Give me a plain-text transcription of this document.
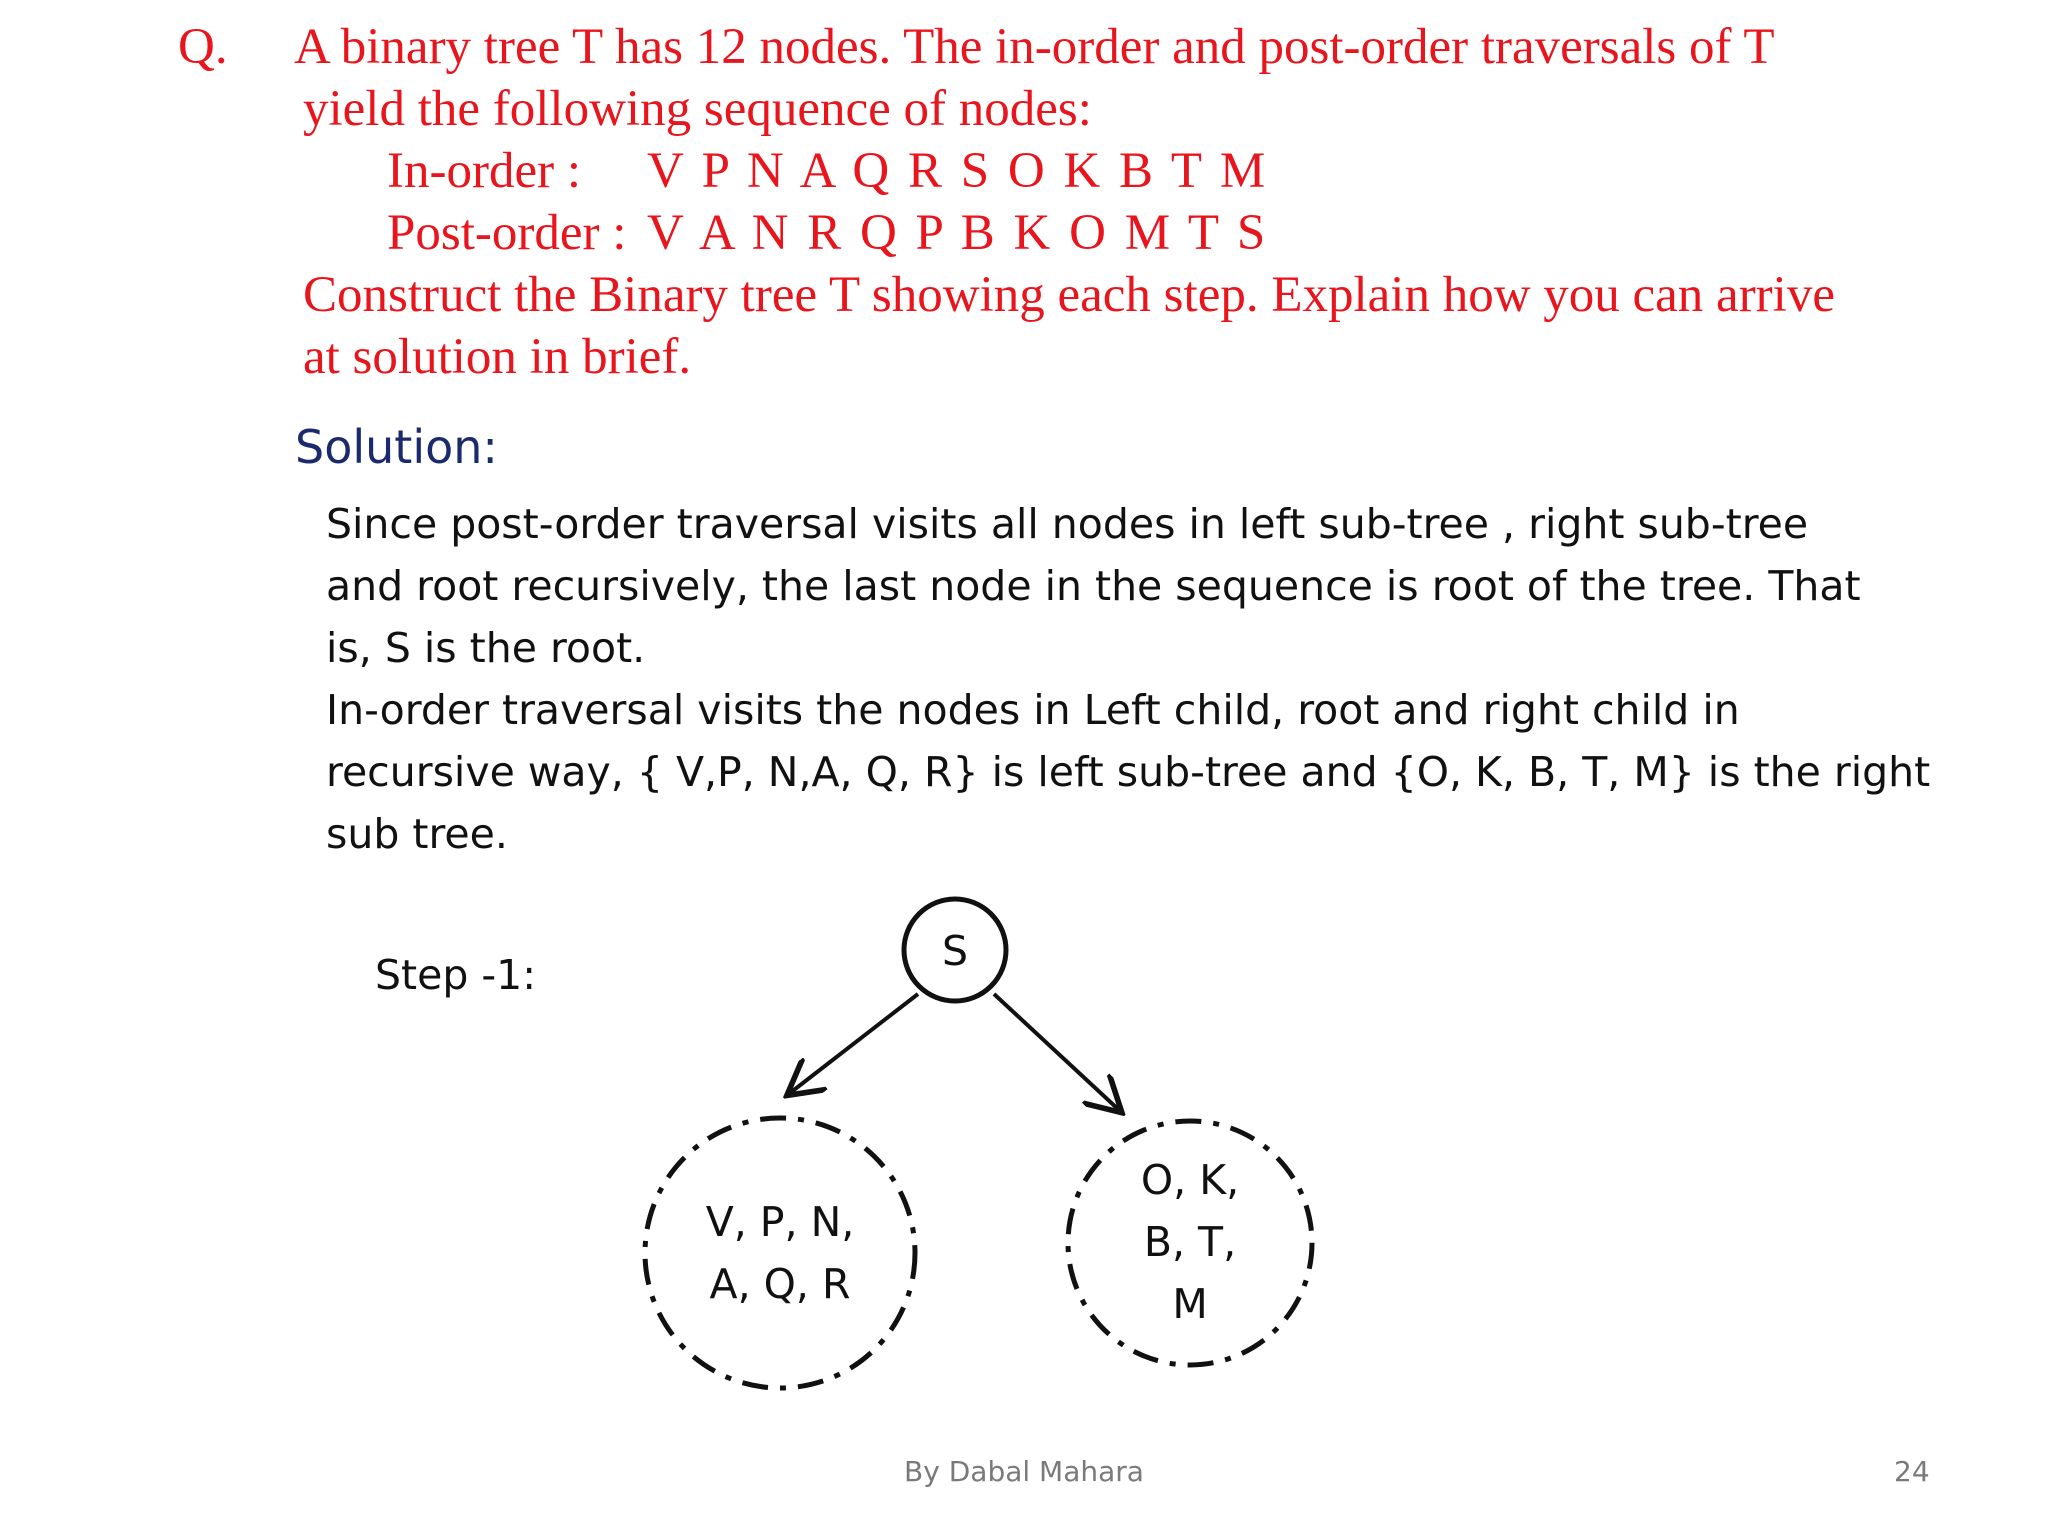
Q. A binary tree T has 12 nodes. The in-order and post-order traversals of T
yield the following sequence of nodes:
In-order : V P N A Q R S O K B T M
Post-order : V A N R Q P B K O M T S
Construct the Binary tree T showing each step. Explain how you can arrive
at solution in brief.
Solution:
Since post-order traversal visits all nodes in left sub-tree , right sub-tree
and root recursively, the last node in the sequence is root of the tree. That
is, S is the root.
In-order traversal visits the nodes in Left child, root and right child in
recursive way, { V,P, N,A, Q, R} is left sub-tree and {O, K, B, T, M} is the right
sub tree.
Step -1:	S
V, P, N,
A, Q, R
O, K,
B, T,
M
By Dabal Mahara	24
